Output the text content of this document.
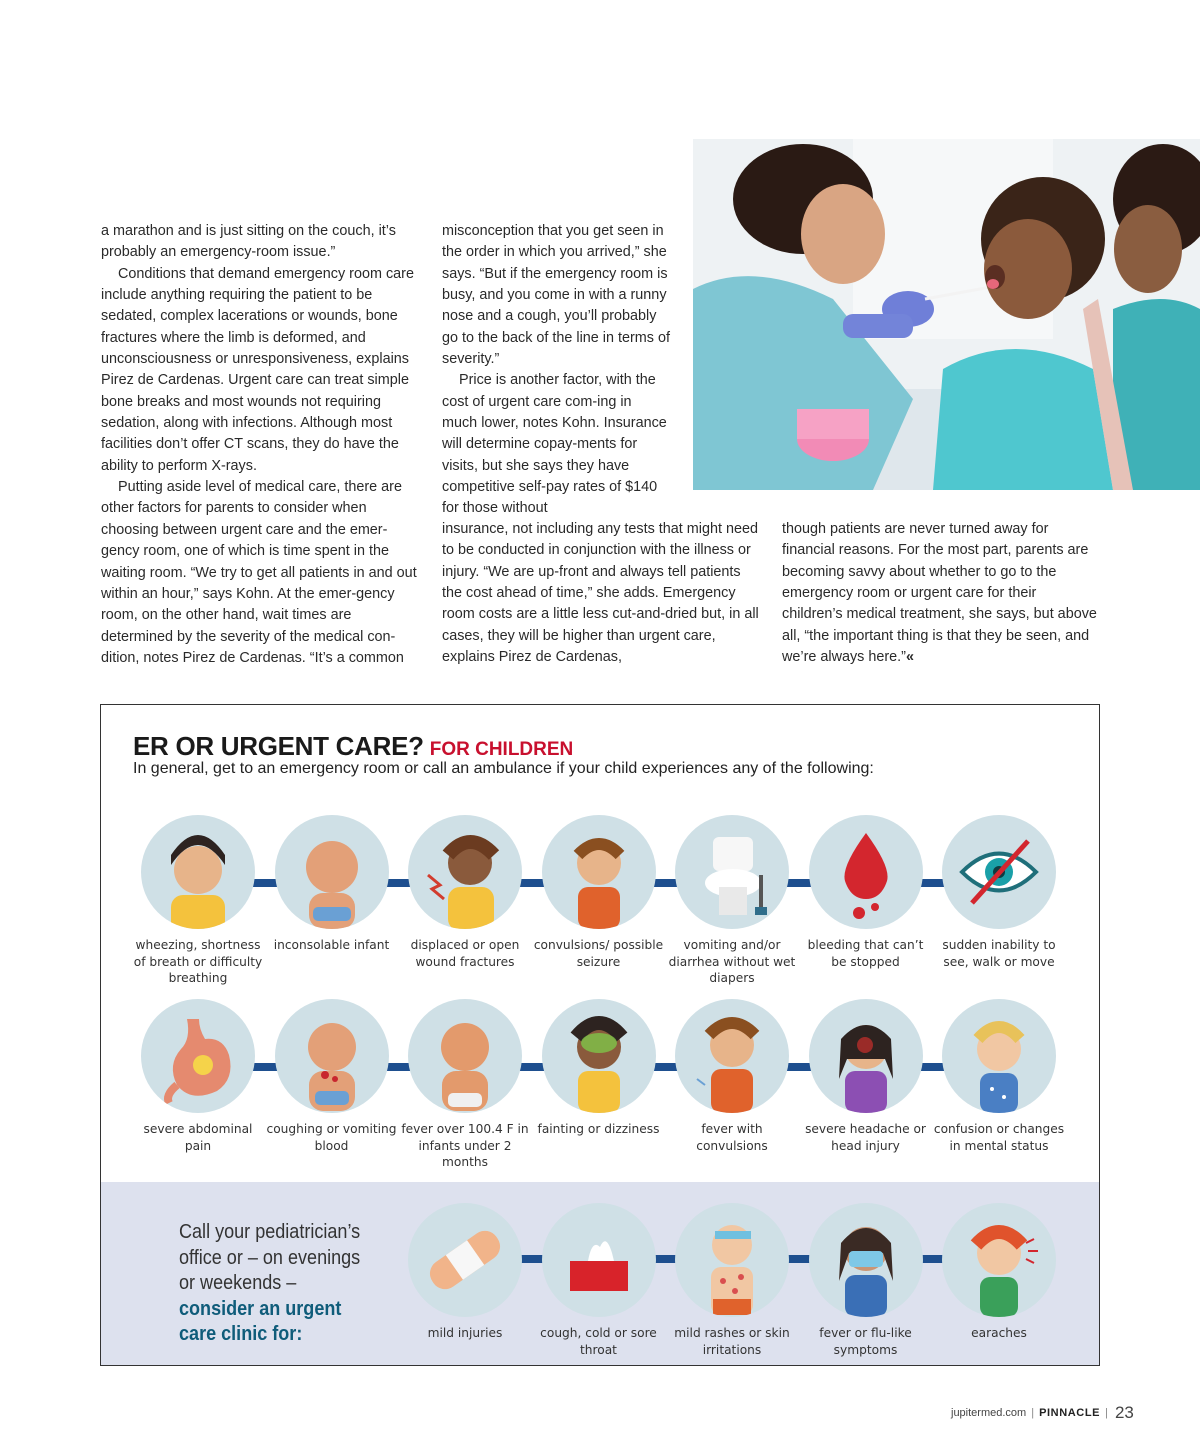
a marathon and is just sitting on the couch, it’s probably an emergency-room issue.”

Conditions that demand emergency room care include anything requiring the patient to be sedated, complex lacerations or wounds, bone fractures where the limb is deformed, and unconsciousness or unresponsiveness, explains Pirez de Cardenas. Urgent care can treat simple bone breaks and most wounds not requiring sedation, along with infections. Although most facilities don’t offer CT scans, they do have the ability to perform X-rays.

Putting aside level of medical care, there are other factors for parents to consider when choosing between urgent care and the emer-gency room, one of which is time spent in the waiting room. “We try to get all patients in and out within an hour,” says Kohn. At the emer-gency room, on the other hand, wait times are determined by the severity of the medical con-dition, notes Pirez de Cardenas. “It’s a common

misconception that you get seen in the order in which you arrived,” she says. “But if the emergency room is busy, and you come in with a runny nose and a cough, you’ll probably go to the back of the line in terms of severity.”

Price is another factor, with the cost of urgent care com-ing in much lower, notes Kohn. Insurance will determine copay-ments for visits, but she says they have competitive self-pay rates of $140 for those without

insurance, not including any tests that might need to be conducted in conjunction with the illness or injury. “We are up-front and always tell patients the cost ahead of time,” she adds. Emergency room costs are a little less cut-and-dried but, in all cases, they will be higher than urgent care, explains Pirez de Cardenas,

though patients are never turned away for financial reasons. For the most part, parents are becoming savvy about whether to go to the emergency room or urgent care for their children’s medical treatment, she says, but above all, “the important thing is that they be seen, and we’re always here.”«

ER OR URGENT CARE? FOR CHILDREN
In general, get to an emergency room or call an ambulance if your child experiences any of the following:
wheezing, shortness of breath or difficulty breathing
inconsolable infant	displaced or open wound fractures
convulsions/ possible seizure
vomiting and/or diarrhea without wet diapers
bleeding that can’t be stopped
sudden inability to see, walk or move
severe abdominal pain
coughing or vomiting blood
fever over 100.4 F in infants under 2 months
fainting or dizziness	fever with convulsions
severe headache or head injury
confusion or changes in mental status
Call your pediatrician’s office or – on evenings or weekends – consider an urgent care clinic for:	mild injuries	cough, cold or sore throat
mild rashes or skin irritations
fever or flu-like symptoms
earaches
jupitermed.com | PINNACLE | 23
